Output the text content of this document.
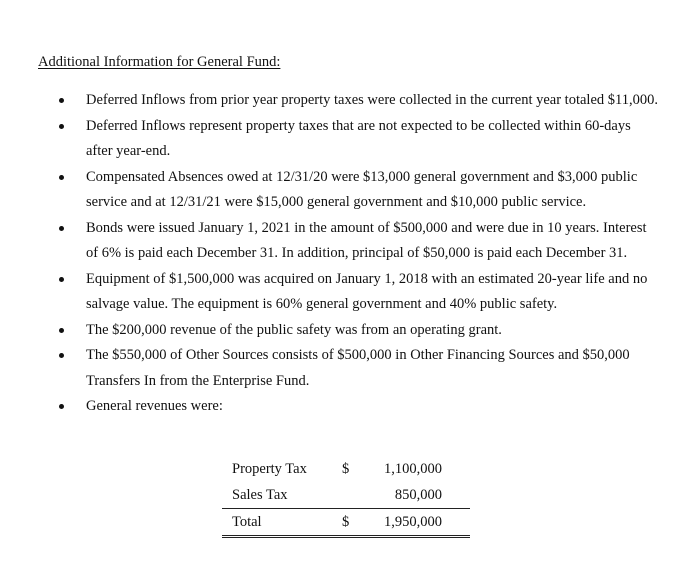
Additional Information for General Fund:
Deferred Inflows from prior year property taxes were collected in the current year totaled $11,000.
Deferred Inflows represent property taxes that are not expected to be collected within 60-days after year-end.
Compensated Absences owed at 12/31/20 were $13,000 general government and $3,000 public service and at 12/31/21 were $15,000 general government and $10,000 public service.
Bonds were issued January 1, 2021 in the amount of $500,000 and were due in 10 years. Interest of 6% is paid each December 31. In addition, principal of $50,000 is paid each December 31.
Equipment of $1,500,000 was acquired on January 1, 2018 with an estimated 20-year life and no salvage value. The equipment is 60% general government and 40% public safety.
The $200,000 revenue of the public safety was from an operating grant.
The $550,000 of Other Sources consists of $500,000 in Other Financing Sources and $50,000 Transfers In from the Enterprise Fund.
General revenues were:
Property Tax	$	1,100,000
Sales Tax		850,000
Total	$	1,950,000
